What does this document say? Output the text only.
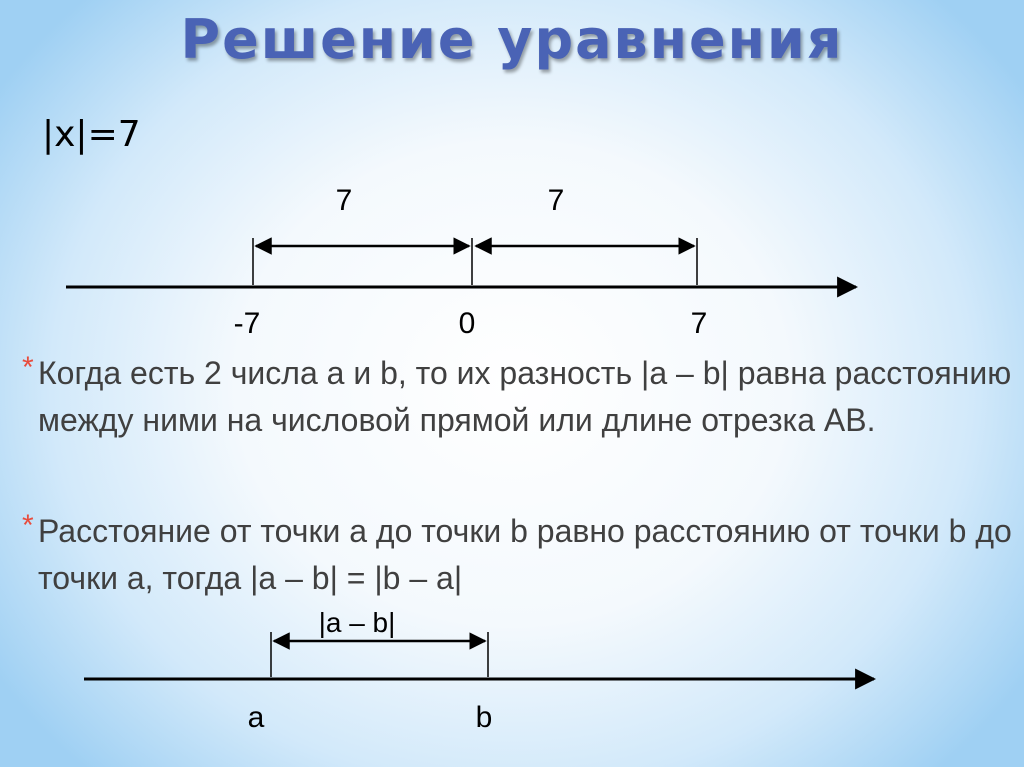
Решение уравнения
|x|=7
7	7
-7	0	7
|a – b|
a	b
* Когда есть 2 числа a и b, то их разность |a – b| равна расстоянию между ними на числовой прямой или длине отрезка AB.
* Расстояние от точки а до точки b равно расстоянию от точки b до точки а, тогда |a – b| = |b – a|
